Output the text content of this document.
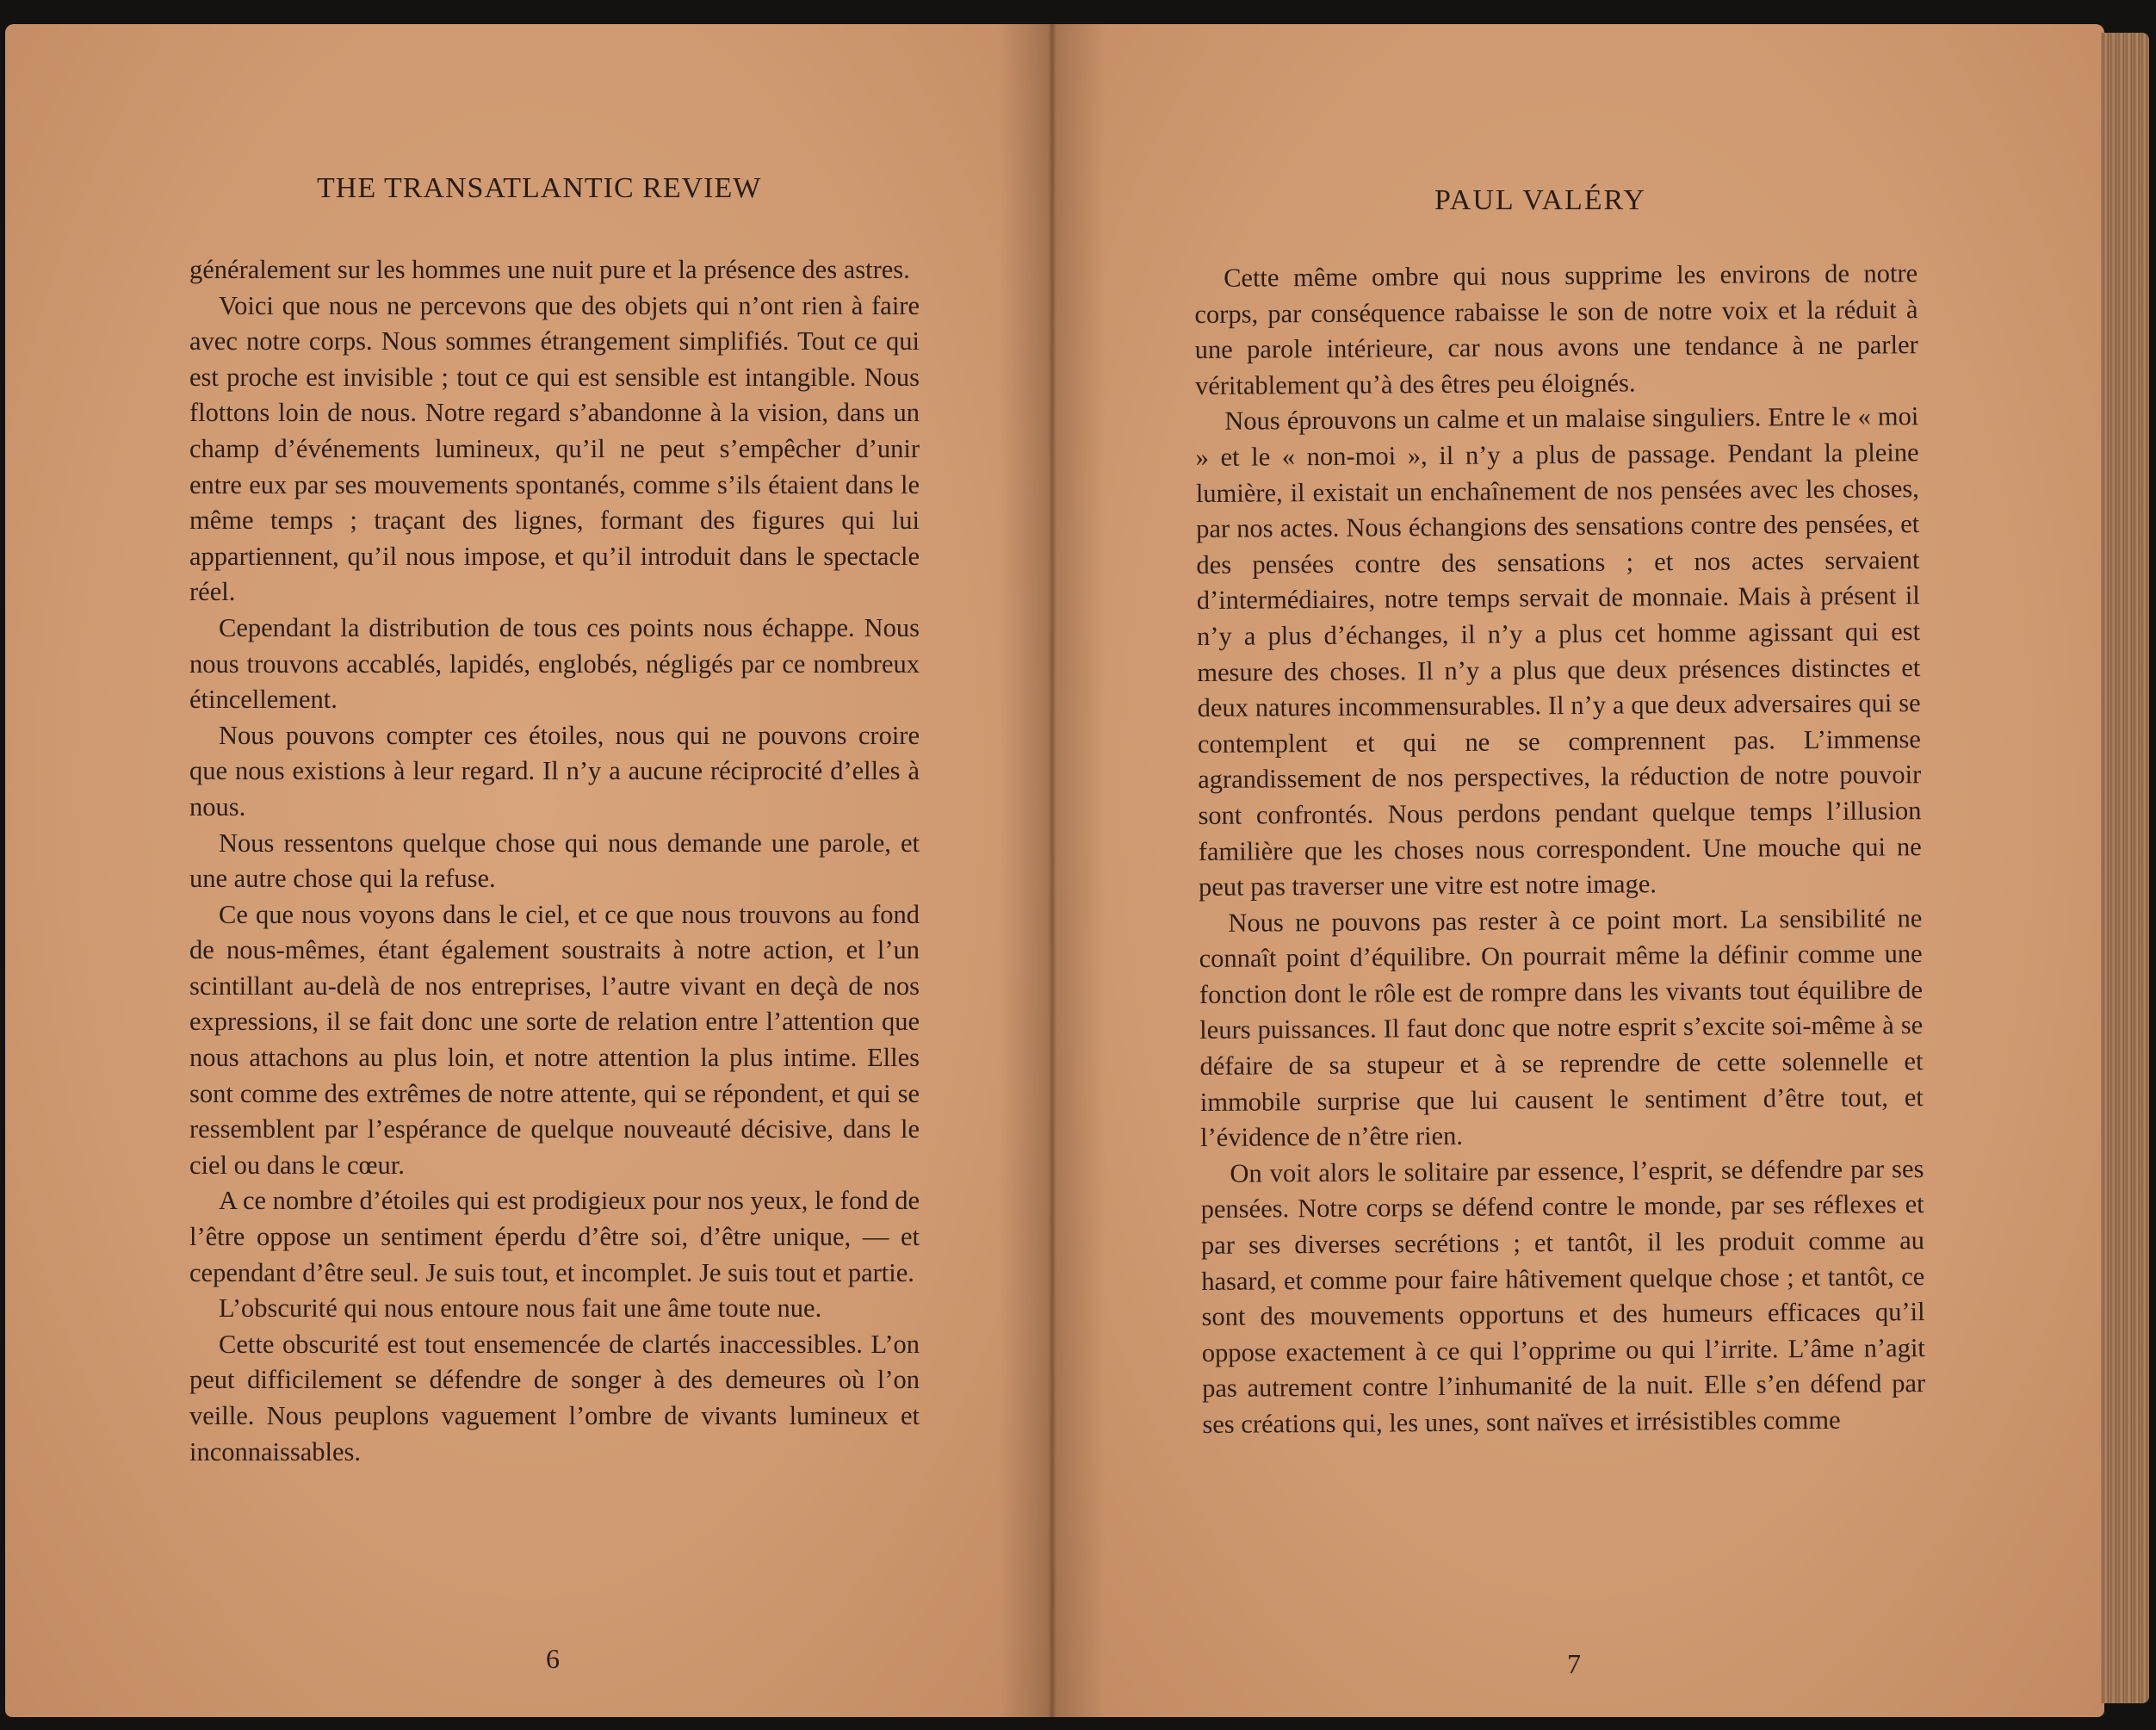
THE TRANSATLANTIC REVIEW

généralement sur les hommes une nuit pure et la présence des astres.

Voici que nous ne percevons que des objets qui n’ont rien à faire avec notre corps. Nous sommes étrangement simplifiés. Tout ce qui est proche est invisible ; tout ce qui est sensible est intangible. Nous flottons loin de nous. Notre regard s’abandonne à la vision, dans un champ d’événements lumineux, qu’il ne peut s’empêcher d’unir entre eux par ses mouvements spontanés, comme s’ils étaient dans le même temps ; traçant des lignes, formant des figures qui lui appartiennent, qu’il nous impose, et qu’il introduit dans le spectacle réel.

Cependant la distribution de tous ces points nous échappe. Nous nous trouvons accablés, lapidés, englobés, négligés par ce nombreux étincellement.

Nous pouvons compter ces étoiles, nous qui ne pouvons croire que nous existions à leur regard. Il n’y a aucune réciprocité d’elles à nous.

Nous ressentons quelque chose qui nous demande une parole, et une autre chose qui la refuse.

Ce que nous voyons dans le ciel, et ce que nous trouvons au fond de nous-mêmes, étant également soustraits à notre action, et l’un scintillant au-delà de nos entreprises, l’autre vivant en deçà de nos expressions, il se fait donc une sorte de relation entre l’attention que nous attachons au plus loin, et notre attention la plus intime. Elles sont comme des extrêmes de notre attente, qui se répondent, et qui se ressemblent par l’espérance de quelque nouveauté décisive, dans le ciel ou dans le cœur.

A ce nombre d’étoiles qui est prodigieux pour nos yeux, le fond de l’être oppose un sentiment éperdu d’être soi, d’être unique, — et cependant d’être seul. Je suis tout, et incomplet. Je suis tout et partie.

L’obscurité qui nous entoure nous fait une âme toute nue.

Cette obscurité est tout ensemencée de clartés inaccessibles. L’on peut difficilement se défendre de songer à des demeures où l’on veille. Nous peuplons vaguement l’ombre de vivants lumineux et inconnaissables.

6
PAUL VALÉRY

Cette même ombre qui nous supprime les environs de notre corps, par conséquence rabaisse le son de notre voix et la réduit à une parole intérieure, car nous avons une tendance à ne parler véritablement qu’à des êtres peu éloignés.

Nous éprouvons un calme et un malaise singuliers. Entre le « moi » et le « non-moi », il n’y a plus de passage. Pendant la pleine lumière, il existait un enchaînement de nos pensées avec les choses, par nos actes. Nous échangions des sensations contre des pensées, et des pensées contre des sensations ; et nos actes servaient d’intermédiaires, notre temps servait de monnaie. Mais à présent il n’y a plus d’échanges, il n’y a plus cet homme agissant qui est mesure des choses. Il n’y a plus que deux présences distinctes et deux natures incommensurables. Il n’y a que deux adversaires qui se contemplent et qui ne se comprennent pas. L’immense agrandissement de nos perspectives, la réduction de notre pouvoir sont confrontés. Nous perdons pendant quelque temps l’illusion familière que les choses nous correspondent. Une mouche qui ne peut pas traverser une vitre est notre image.

Nous ne pouvons pas rester à ce point mort. La sensibilité ne connaît point d’équilibre. On pourrait même la définir comme une fonction dont le rôle est de rompre dans les vivants tout équilibre de leurs puissances. Il faut donc que notre esprit s’excite soi-même à se défaire de sa stupeur et à se reprendre de cette solennelle et immobile surprise que lui causent le sentiment d’être tout, et l’évidence de n’être rien.

On voit alors le solitaire par essence, l’esprit, se défendre par ses pensées. Notre corps se défend contre le monde, par ses réflexes et par ses diverses secrétions ; et tantôt, il les produit comme au hasard, et comme pour faire hâtivement quelque chose ; et tantôt, ce sont des mouvements opportuns et des humeurs efficaces qu’il oppose exactement à ce qui l’opprime ou qui l’irrite. L’âme n’agit pas autrement contre l’inhumanité de la nuit. Elle s’en défend par ses créations qui, les unes, sont naïves et irrésistibles comme

7
